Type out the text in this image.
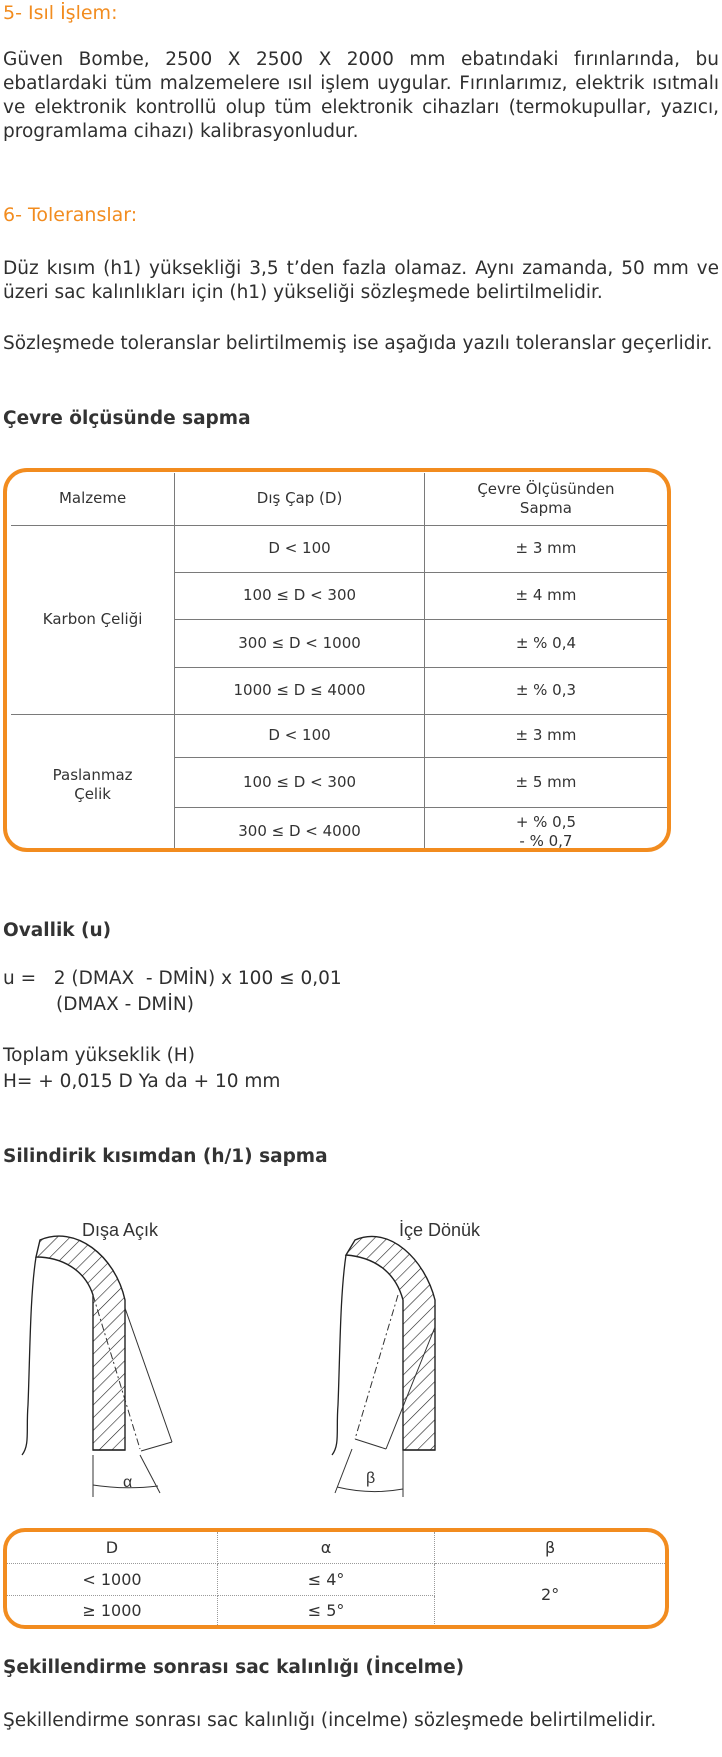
5- Isıl İşlem:

Güven Bombe, 2500 X 2500 X 2000 mm ebatındaki fırınlarında, bu ebatlardaki tüm malzemelere ısıl işlem uygular. Fırınlarımız, elektrik ısıtmalı ve elektronik kontrollü olup tüm elektronik cihazları (termokupullar, yazıcı, programlama cihazı) kalibrasyonludur.

6- Toleranslar:

Düz kısım (h1) yüksekliği 3,5 t’den fazla olamaz. Aynı zamanda, 50 mm ve üzeri sac kalınlıkları için (h1) yükseliği sözleşmede belirtilmelidir.

Sözleşmede toleranslar belirtilmemiş ise aşağıda yazılı toleranslar geçerlidir.

Çevre ölçüsünde sapma
Malzeme	Dış Çap (D)	Çevre Ölçüsünden
Sapma
Karbon Çeliği	D < 100	± 3 mm
	100 ≤ D < 300	± 4 mm
	300 ≤ D < 1000	± % 0,4
	1000 ≤ D ≤ 4000	± % 0,3
Paslanmaz
Çelik	D < 100	± 3 mm
	100 ≤ D < 300	± 5 mm
	300 ≤ D < 4000	+ % 0,5
- % 0,7
Ovallik (u)

u =   2 (DMAX  - DMİN) x 100 ≤ 0,01

(DMAX - DMİN)

Toplam yükseklik (H)

H= + 0,015 D Ya da + 10 mm

Silindirik kısımdan (h/1) sapma
Dışa Açık
α
İçe Dönük
β
D	α	β
< 1000	≤ 4°	2°
≥ 1000	≤ 5°	
Şekillendirme sonrası sac kalınlığı (İncelme)

Şekillendirme sonrası sac kalınlığı (incelme) sözleşmede belirtilmelidir.
